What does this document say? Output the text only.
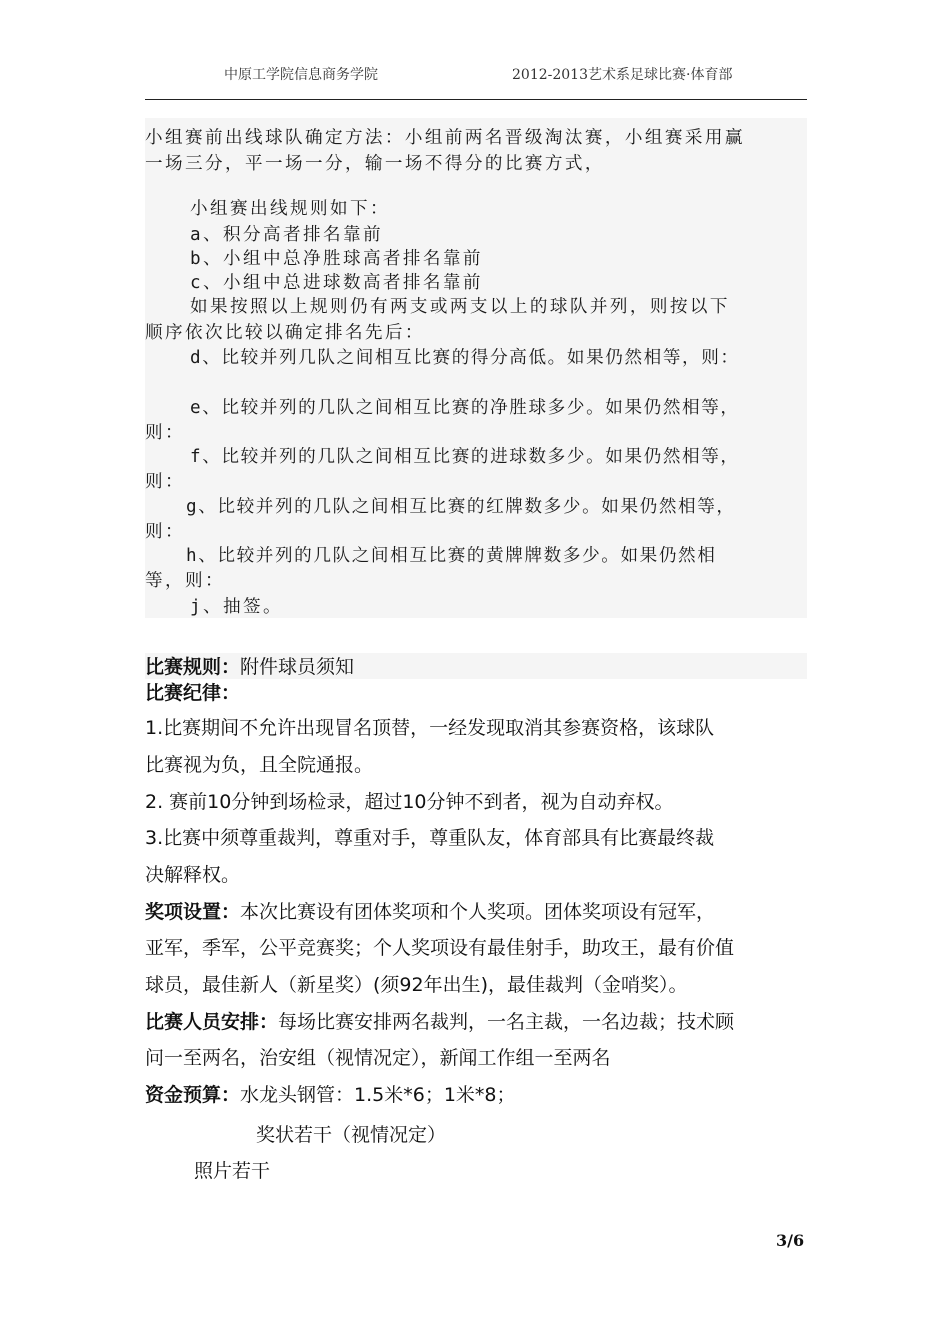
中原工学院信息商务学院	2012-2013艺术系足球比赛·体育部
小组赛前出线球队确定方法：小组前两名晋级淘汰赛，小组赛采用赢
一场三分，平一场一分，输一场不得分的比赛方式，
小组赛出线规则如下：
a、积分高者排名靠前
b、小组中总净胜球高者排名靠前
c、小组中总进球数高者排名靠前
如果按照以上规则仍有两支或两支以上的球队并列，则按以下
顺序依次比较以确定排名先后：
d、比较并列几队之间相互比赛的得分高低。如果仍然相等，则：
e、比较并列的几队之间相互比赛的净胜球多少。如果仍然相等，
则：
f、比较并列的几队之间相互比赛的进球数多少。如果仍然相等，
则：
g、比较并列的几队之间相互比赛的红牌数多少。如果仍然相等，
则：
h、比较并列的几队之间相互比赛的黄牌牌数多少。如果仍然相
等，则：
j、抽签。
比赛规则：附件球员须知
比赛纪律：
1.比赛期间不允许出现冒名顶替，一经发现取消其参赛资格，该球队
比赛视为负，且全院通报。
2. 赛前10分钟到场检录，超过10分钟不到者，视为自动弃权。
3.比赛中须尊重裁判，尊重对手，尊重队友，体育部具有比赛最终裁
决解释权。
奖项设置：本次比赛设有团体奖项和个人奖项。团体奖项设有冠军，
亚军，季军，公平竞赛奖；个人奖项设有最佳射手，助攻王，最有价值
球员，最佳新人（新星奖）(须92年出生)，最佳裁判（金哨奖）。
比赛人员安排：每场比赛安排两名裁判，一名主裁，一名边裁；技术顾
问一至两名，治安组（视情况定），新闻工作组一至两名
资金预算：水龙头钢管：1.5米*6；1米*8；
奖状若干（视情况定）
照片若干
3/6
